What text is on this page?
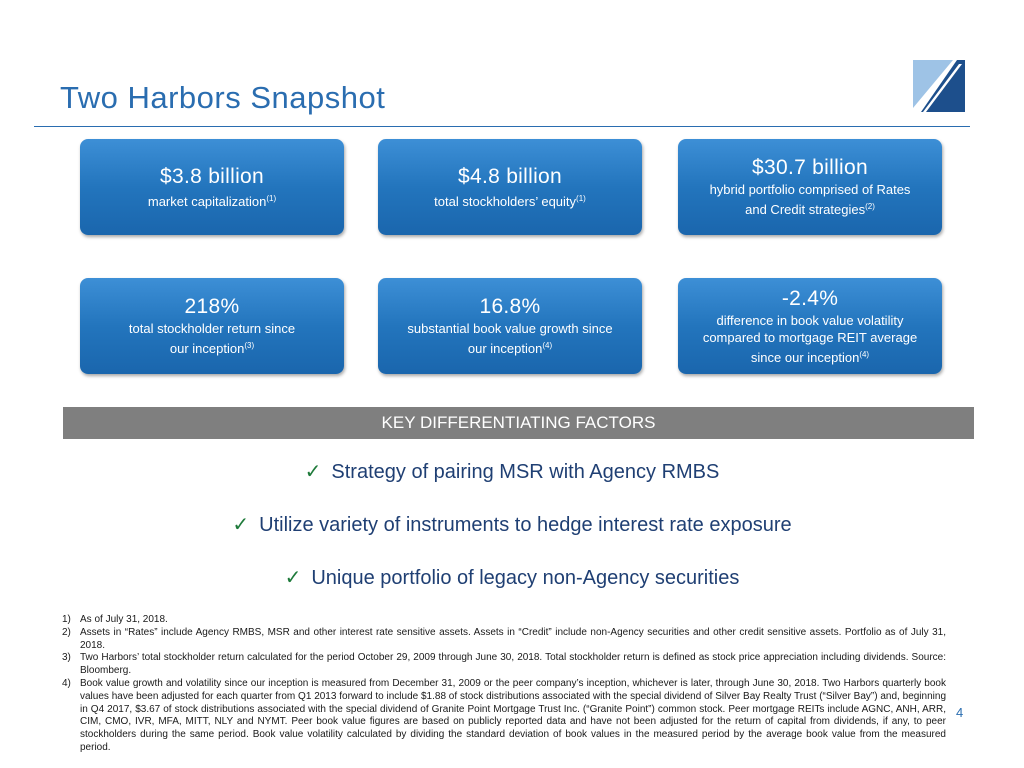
Two Harbors Snapshot
$3.8 billion
market capitalization$^{(1)}$
$4.8 billion
total stockholders’ equity$^{(1)}$
$30.7 billion
hybrid portfolio comprised of Rates
and Credit strategies$^{(2)}$
218%
total stockholder return since
our inception$^{(3)}$
16.8%
substantial book value growth since
our inception$^{(4)}$
-2.4%
difference in book value volatility
compared to mortgage REIT average
since our inception$^{(4)}$
KEY DIFFERENTIATING FACTORS
✓ Strategy of pairing MSR with Agency RMBS
✓ Utilize variety of instruments to hedge interest rate exposure
✓ Unique portfolio of legacy non-Agency securities
1) As of July 31, 2018.
2) Assets in “Rates” include Agency RMBS, MSR and other interest rate sensitive assets. Assets in “Credit” include non-Agency securities and other credit sensitive assets. Portfolio as of July 31, 2018.
3) Two Harbors’ total stockholder return calculated for the period October 29, 2009 through June 30, 2018. Total stockholder return is defined as stock price appreciation including dividends. Source: Bloomberg.
4) Book value growth and volatility since our inception is measured from December 31, 2009 or the peer company’s inception, whichever is later, through June 30, 2018. Two Harbors quarterly book values have been adjusted for each quarter from Q1 2013 forward to include $1.88 of stock distributions associated with the special dividend of Silver Bay Realty Trust (“Silver Bay”) and, beginning in Q4 2017, $3.67 of stock distributions associated with the special dividend of Granite Point Mortgage Trust Inc. (“Granite Point”) common stock. Peer mortgage REITs include AGNC, ANH, ARR, CIM, CMO, IVR, MFA, MITT, NLY and NYMT. Peer book value figures are based on publicly reported data and have not been adjusted for the return of capital from dividends, if any, to peer stockholders during the same period. Book value volatility calculated by dividing the standard deviation of book values in the measured period by the average book value from the measured period.
4
